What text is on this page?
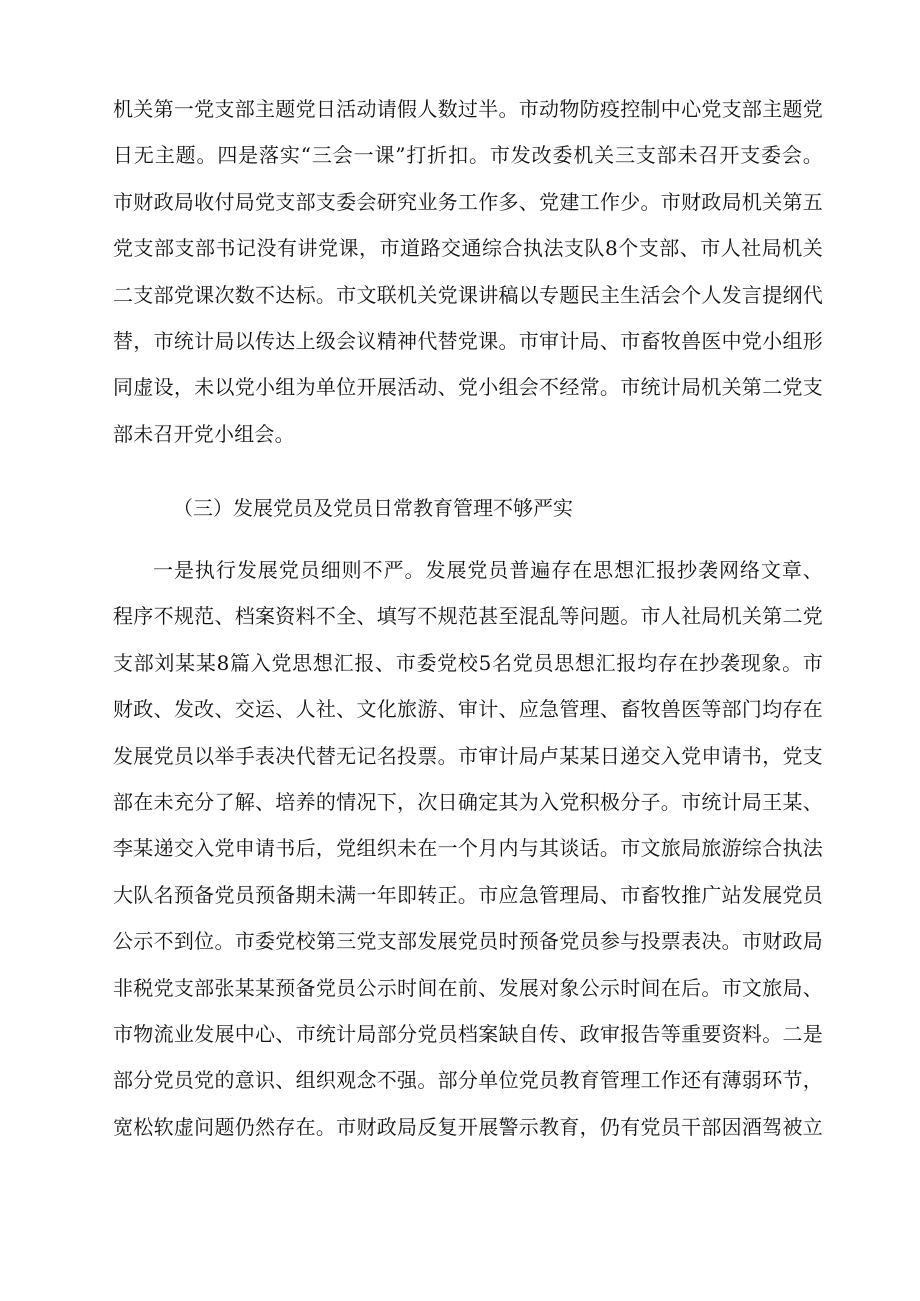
机关第一党支部主题党日活动请假人数过半。市动物防疫控制中心党支部主题党
日无主题。四是落实“三会一课”打折扣。市发改委机关三支部未召开支委会。
市财政局收付局党支部支委会研究业务工作多、党建工作少。市财政局机关第五
党支部支部书记没有讲党课，市道路交通综合执法支队8个支部、市人社局机关
二支部党课次数不达标。市文联机关党课讲稿以专题民主生活会个人发言提纲代
替，市统计局以传达上级会议精神代替党课。市审计局、市畜牧兽医中党小组形
同虚设，未以党小组为单位开展活动、党小组会不经常。市统计局机关第二党支
部未召开党小组会。
（三）发展党员及党员日常教育管理不够严实
一是执行发展党员细则不严。发展党员普遍存在思想汇报抄袭网络文章、
程序不规范、档案资料不全、填写不规范甚至混乱等问题。市人社局机关第二党
支部刘某某8篇入党思想汇报、市委党校5名党员思想汇报均存在抄袭现象。市
财政、发改、交运、人社、文化旅游、审计、应急管理、畜牧兽医等部门均存在
发展党员以举手表决代替无记名投票。市审计局卢某某日递交入党申请书，党支
部在未充分了解、培养的情况下，次日确定其为入党积极分子。市统计局王某、
李某递交入党申请书后，党组织未在一个月内与其谈话。市文旅局旅游综合执法
大队名预备党员预备期未满一年即转正。市应急管理局、市畜牧推广站发展党员
公示不到位。市委党校第三党支部发展党员时预备党员参与投票表决。市财政局
非税党支部张某某预备党员公示时间在前、发展对象公示时间在后。市文旅局、
市物流业发展中心、市统计局部分党员档案缺自传、政审报告等重要资料。二是
部分党员党的意识、组织观念不强。部分单位党员教育管理工作还有薄弱环节，
宽松软虚问题仍然存在。市财政局反复开展警示教育，仍有党员干部因酒驾被立
